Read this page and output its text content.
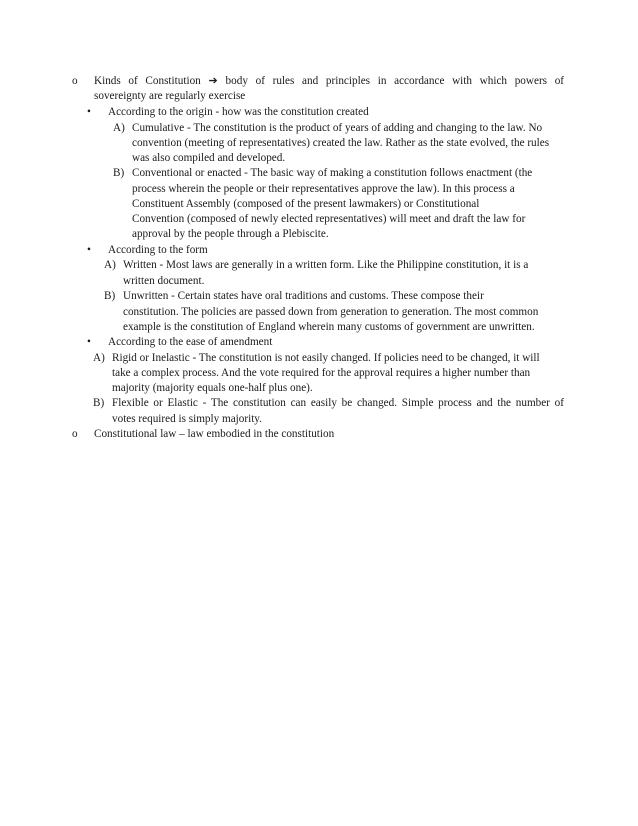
o Kinds of Constitution ➔ body of rules and principles in accordance with which powers of
sovereignty are regularly exercise
• According to the origin - how was the constitution created
A) Cumulative - The constitution is the product of years of adding and changing to the law. No
convention (meeting of representatives) created the law. Rather as the state evolved, the rules
was also compiled and developed.
B) Conventional or enacted - The basic way of making a constitution follows enactment (the
process wherein the people or their representatives approve the law). In this process a
Constituent Assembly (composed of the present lawmakers) or Constitutional
Convention (composed of newly elected representatives) will meet and draft the law for
approval by the people through a Plebiscite.
• According to the form
A) Written - Most laws are generally in a written form. Like the Philippine constitution, it is a
written document.
B) Unwritten - Certain states have oral traditions and customs. These compose their
constitution. The policies are passed down from generation to generation. The most common
example is the constitution of England wherein many customs of government are unwritten.
• According to the ease of amendment
A) Rigid or Inelastic - The constitution is not easily changed. If policies need to be changed, it will
take a complex process. And the vote required for the approval requires a higher number than
majority (majority equals one-half plus one).
B) Flexible or Elastic - The constitution can easily be changed. Simple process and the number of
votes required is simply majority.
o Constitutional law – law embodied in the constitution
